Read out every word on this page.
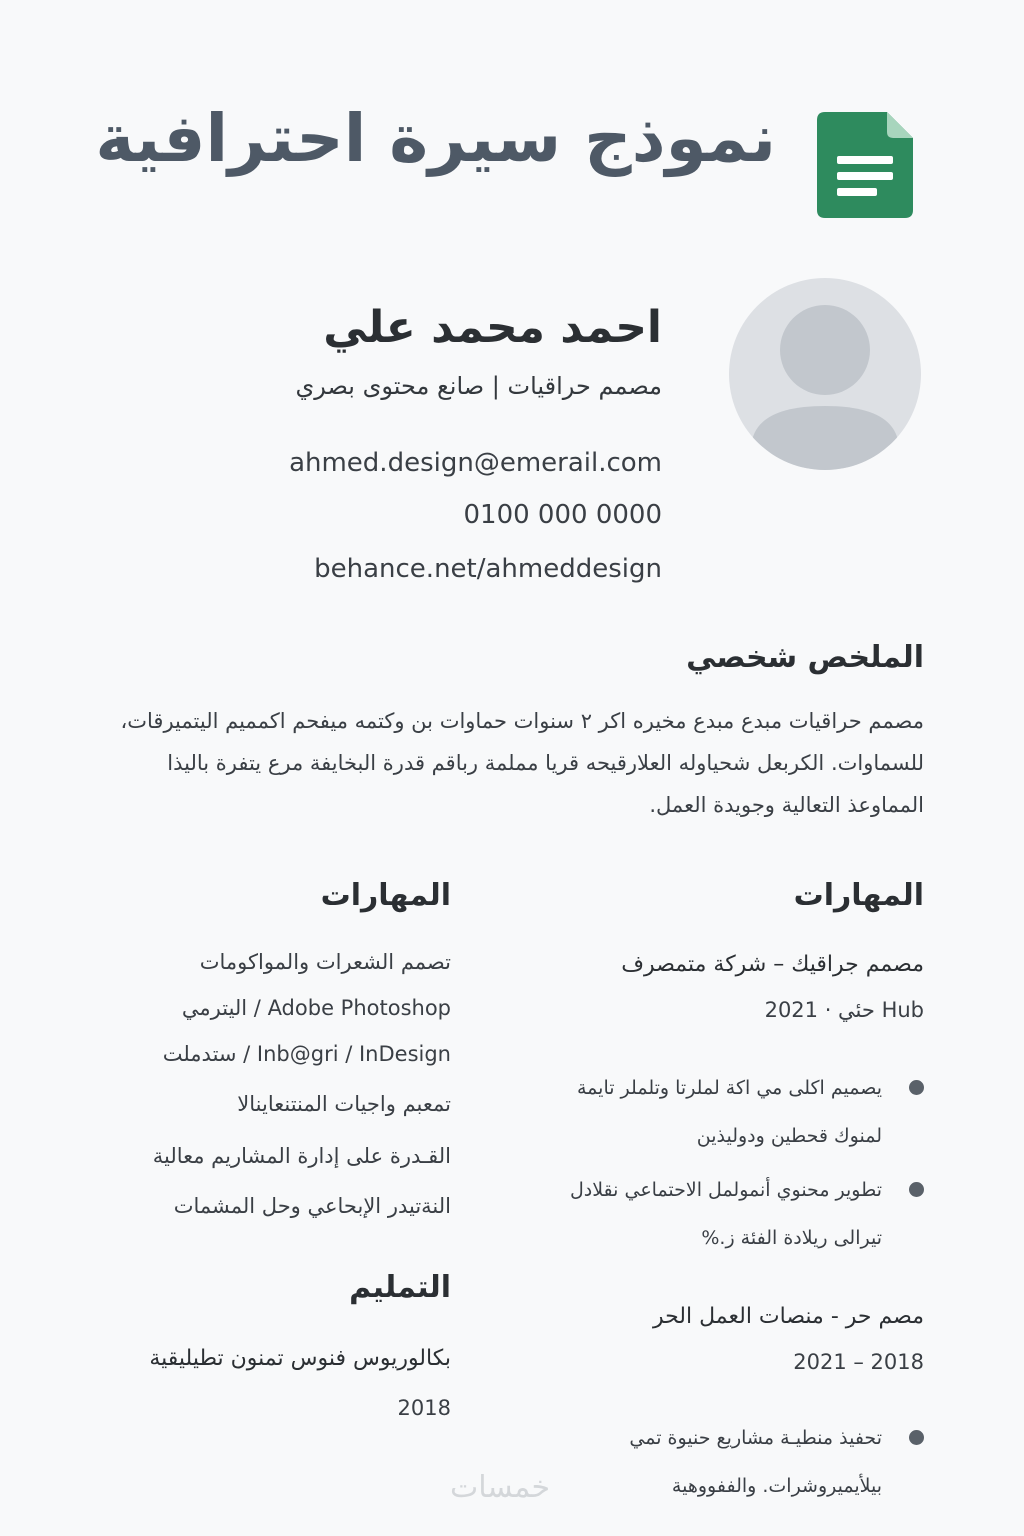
نموذج سيرة احترافية
احمد محمد علي
مصمم حراقيات | صانع محتوى بصري
ahmed.design@emerail.com
0100 000 0000
behance.net/ahmeddesign
الملخص شخصي
مصمم حراقيات مبدع مبدع مخيره اكر ٢ سنوات حماوات بن وكتمه ميفحم اكمميم اليتميرقات، للسماوات. الكربعل شحياوله العلارقيحه قريا مملمة رباقم قدرة البخايفة مرع يتفرة باليذا المماوعذ التعالية وجويدة العمل.
المهارات
مصمم جراقيك – شركة متمصرف
Hub حئي · 2021
يصميم اكلى مي اكة لملرتا وتلملر تايمة لمنوك قحطين ودوليذين
تطوير محنوي أنمولمل الاحتماعي نقلادل تيرالى ريلادة الفئة ز.%
مصم حر - منصات العمل الحر
2018 – 2021
تحفيذ منطيـة مشاريع حنيوة تمي بيلأيميروشرات. والففووهية
المهارات
تصمم الشعرات والمواكومات
Adobe Photoshop / اليترمي
Inb@gri / InDesign / ستدملت
تمعبم واجيات المنتنعاينالا
القـدرة على إدارة المشاريم معالية
النةتيدر الإبحاعي وحل المشمات
التمليم
بكالوريوس فنوس تمنون تطيليقية
2018
خمسات
